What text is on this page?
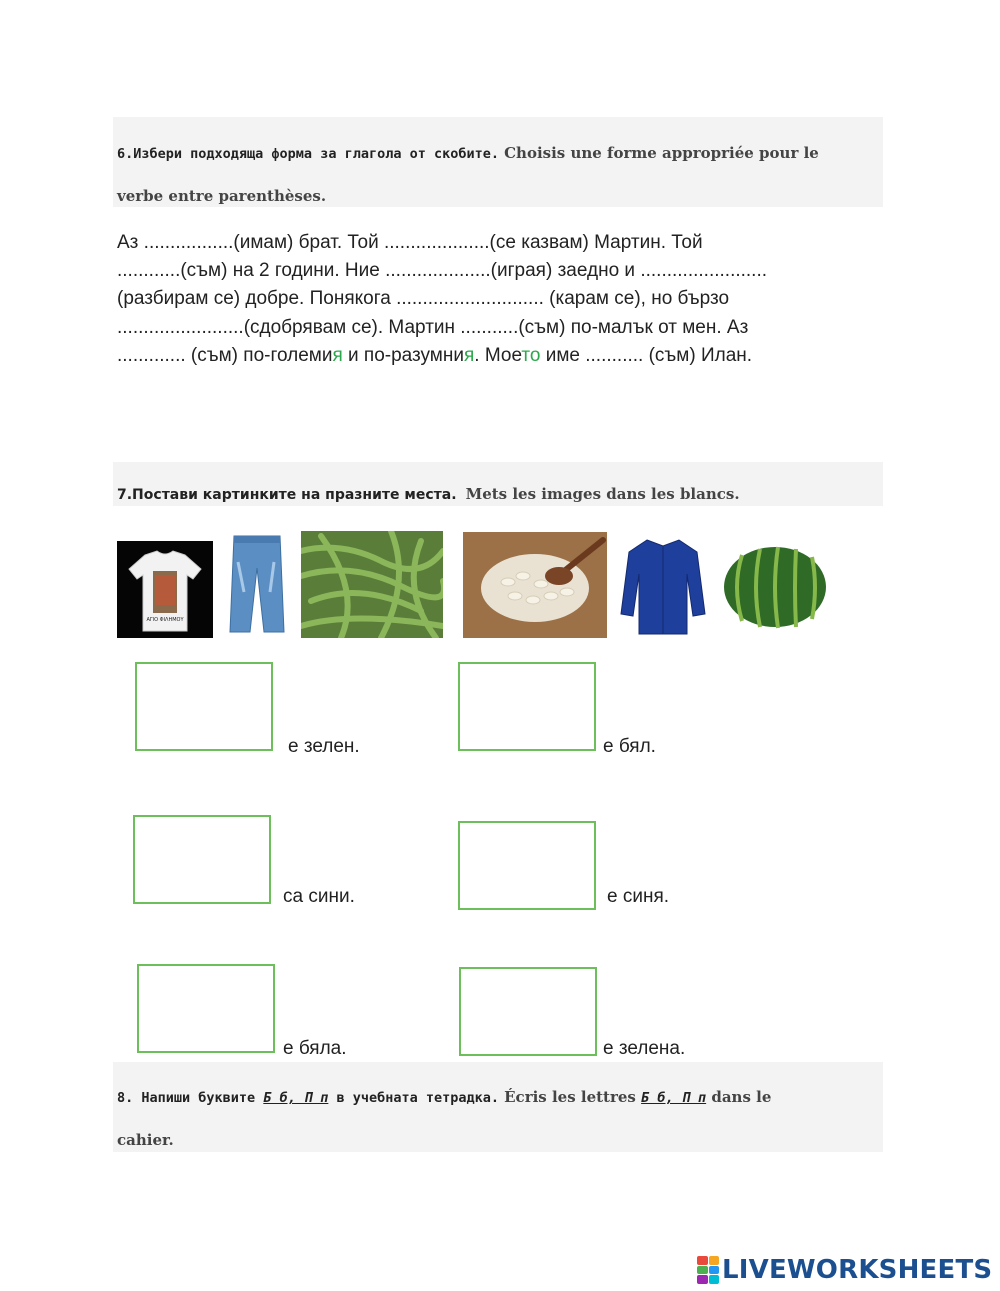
6.Избери подходяща форма за глагола от скобите. Choisis une forme appropriée pour le
verbe entre parenthèses.
Аз .................(имам) брат. Той ....................(се казвам) Мартин. Той
............(съм) на 2 години. Ние ....................(играя) заедно и ........................
(разбирам се) добре. Понякога ............................ (карам се), но бързо
........................(сдобрявам се). Мартин ...........(съм) по-малък от мен. Аз
............. (съм) по-големия и по-разумния. Моето име ........... (съм) Илан.
7.Постави картинките на празните места. Mets les images dans les blancs.
ΑΓΙΟ ΦΙΛΗΜΟΥ
е зелен.	е бял.
са сини.	е синя.
е бяла.	е зелена.
8. Напиши буквите Б б, П п в учебната тетрадка. Écris les lettres Б б, П п dans le
cahier.
LIVEWORKSHEETS
